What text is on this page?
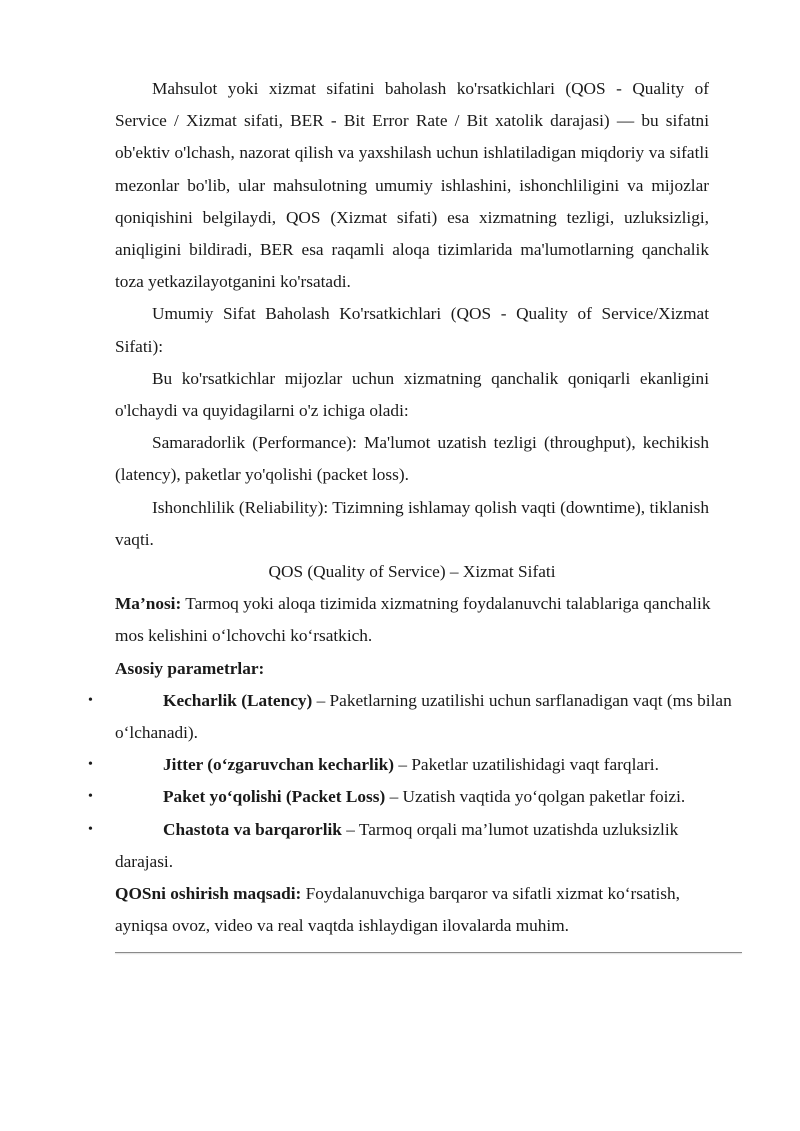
Mahsulot yoki xizmat sifatini baholash ko'rsatkichlari (QOS - Quality of Service / Xizmat sifati, BER - Bit Error Rate / Bit xatolik darajasi) — bu sifatni ob'ektiv o'lchash, nazorat qilish va yaxshilash uchun ishlatiladigan miqdoriy va sifatli mezonlar bo'lib, ular mahsulotning umumiy ishlashini, ishonchliligini va mijozlar qoniqishini belgilaydi, QOS (Xizmat sifati) esa xizmatning tezligi, uzluksizligi, aniqligini bildiradi, BER esa raqamli aloqa tizimlarida ma'lumotlarning qanchalik toza yetkazilayotganini ko'rsatadi.

Umumiy Sifat Baholash Ko'rsatkichlari (QOS - Quality of Service/Xizmat Sifati):

Bu ko'rsatkichlar mijozlar uchun xizmatning qanchalik qoniqarli ekanligini o'lchaydi va quyidagilarni o'z ichiga oladi:

Samaradorlik (Performance): Ma'lumot uzatish tezligi (throughput), kechikish (latency), paketlar yo'qolishi (packet loss).

Ishonchlilik (Reliability): Tizimning ishlamay qolish vaqti (downtime), tiklanish vaqti.

QOS (Quality of Service) – Xizmat Sifati

Ma’nosi: Tarmoq yoki aloqa tizimida xizmatning foydalanuvchi talablariga qanchalik mos kelishini o‘lchovchi ko‘rsatkich.

Asosiy parametrlar:

•	Kecharlik (Latency) – Paketlarning uzatilishi uchun sarflanadigan vaqt (ms bilan o‘lchanadi).
•	Jitter (o‘zgaruvchan kecharlik) – Paketlar uzatilishidagi vaqt farqlari.
•	Paket yo‘qolishi (Packet Loss) – Uzatish vaqtida yo‘qolgan paketlar foizi.
•	Chastota va barqarorlik – Tarmoq orqali ma’lumot uzatishda uzluksizlik darajasi.

QOSni oshirish maqsadi: Foydalanuvchiga barqaror va sifatli xizmat ko‘rsatish, ayniqsa ovoz, video va real vaqtda ishlaydigan ilovalarda muhim.
